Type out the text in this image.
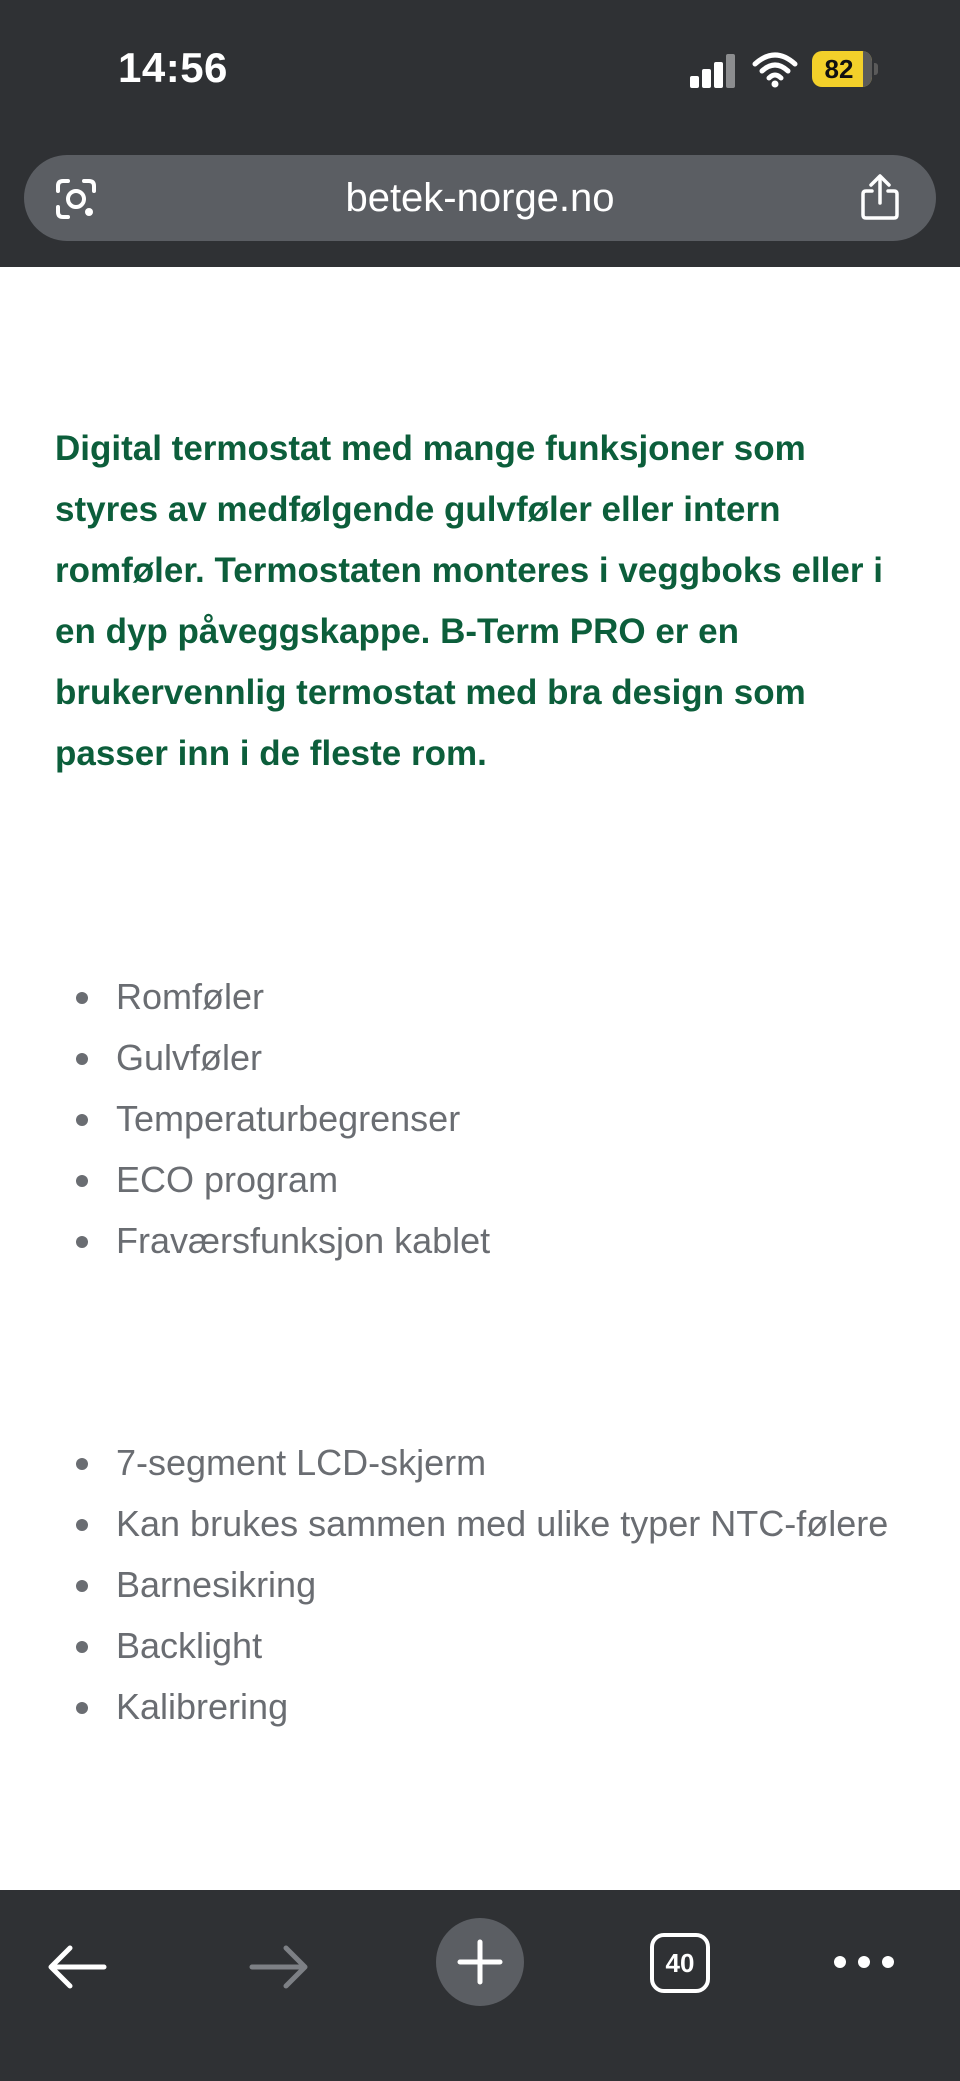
14:56	82
betek-norge.no

Digital termostat med mange funksjoner som styres av medfølgende gulvføler eller intern romføler. Termostaten monteres i veggboks eller i en dyp påveggskappe. B-Term PRO er en brukervennlig termostat med bra design som passer inn i de fleste rom.

Romføler
Gulvføler
Temperaturbegrenser
ECO program
Fraværsfunksjon kablet
7-segment LCD-skjerm
Kan brukes sammen med ulike typer NTC-følere
Barnesikring
Backlight
Kalibrering
40
